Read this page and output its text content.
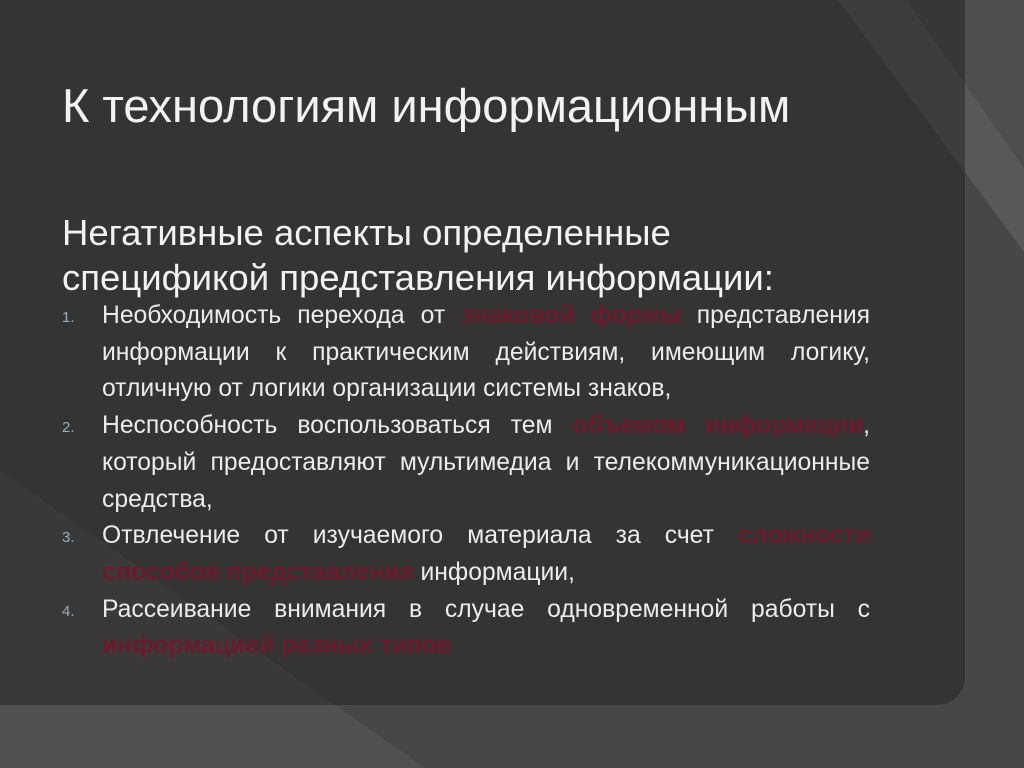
К технологиям информационным

Негативные аспекты определенные спецификой представления информации:

1. Необходимость перехода от знаковой формы представления информации к практическим действиям, имеющим логику, отличную от логики организации системы знаков,
2. Неспособность воспользоваться тем объемом информации, который предоставляют мультимедиа и телекоммуникационные средства,
3. Отвлечение от изучаемого материала за счет сложности способов представления информации,
4. Рассеивание внимания в случае одновременной работы с информацией разных типов
